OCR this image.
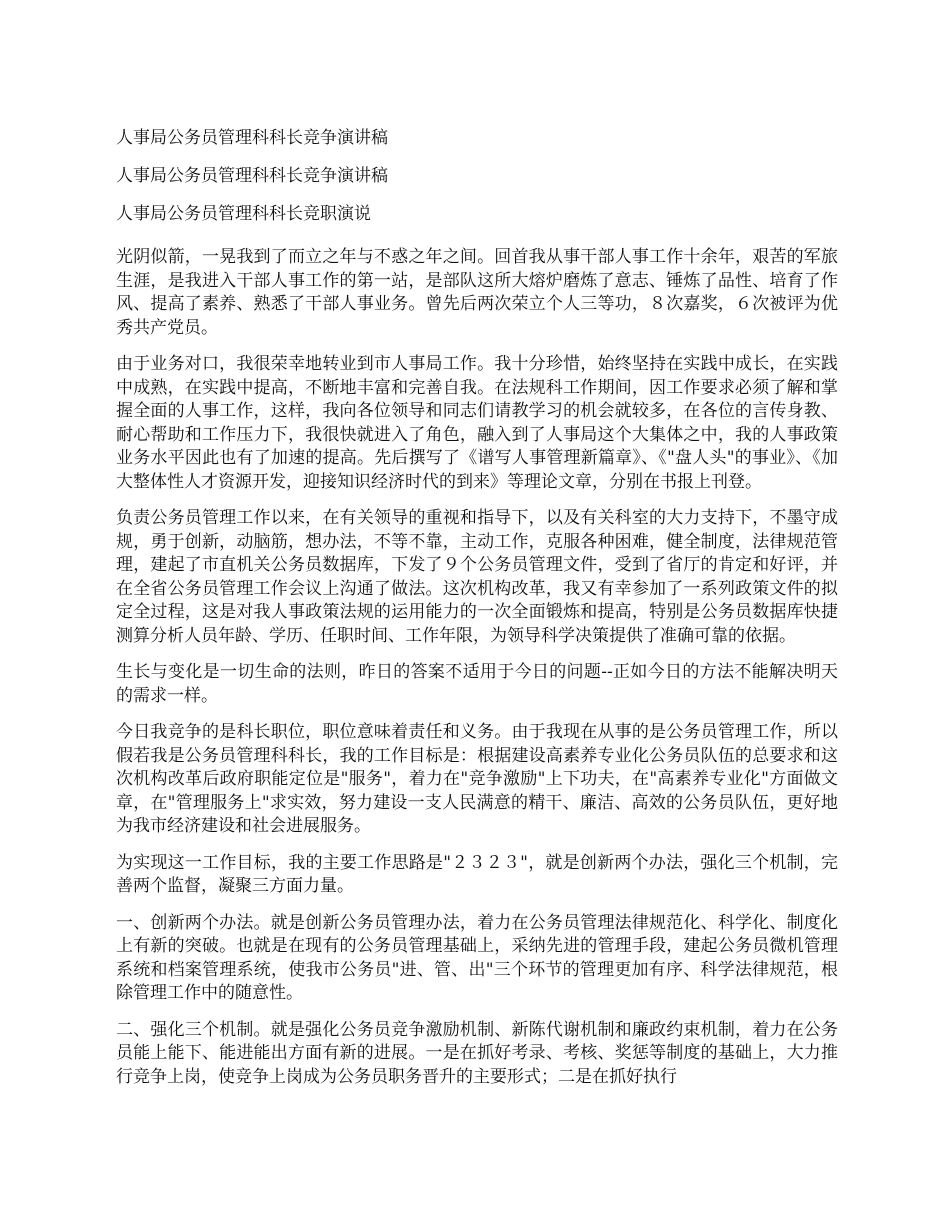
人事局公务员管理科科长竞争演讲稿
人事局公务员管理科科长竞争演讲稿
人事局公务员管理科科长竞职演说

光阴似箭，一晃我到了而立之年与不惑之年之间。回首我从事干部人事工作十余年，艰苦的军旅生涯，是我进入干部人事工作的第一站，是部队这所大熔炉磨炼了意志、锤炼了品性、培育了作风、提高了素养、熟悉了干部人事业务。曾先后两次荣立个人三等功，８次嘉奖，６次被评为优秀共产党员。

由于业务对口，我很荣幸地转业到市人事局工作。我十分珍惜，始终坚持在实践中成长，在实践中成熟，在实践中提高，不断地丰富和完善自我。在法规科工作期间，因工作要求必须了解和掌握全面的人事工作，这样，我向各位领导和同志们请教学习的机会就较多，在各位的言传身教、耐心帮助和工作压力下，我很快就进入了角色，融入到了人事局这个大集体之中，我的人事政策业务水平因此也有了加速的提高。先后撰写了《谱写人事管理新篇章》、《"盘人头"的事业》、《加大整体性人才资源开发，迎接知识经济时代的到来》等理论文章，分别在书报上刊登。

负责公务员管理工作以来，在有关领导的重视和指导下，以及有关科室的大力支持下，不墨守成规，勇于创新，动脑筋，想办法，不等不靠，主动工作，克服各种困难，健全制度，法律规范管理，建起了市直机关公务员数据库，下发了９个公务员管理文件，受到了省厅的肯定和好评，并在全省公务员管理工作会议上沟通了做法。这次机构改革，我又有幸参加了一系列政策文件的拟定全过程，这是对我人事政策法规的运用能力的一次全面锻炼和提高，特别是公务员数据库快捷测算分析人员年龄、学历、任职时间、工作年限，为领导科学决策提供了准确可靠的依据。

生长与变化是一切生命的法则，昨日的答案不适用于今日的问题--正如今日的方法不能解决明天的需求一样。

今日我竞争的是科长职位，职位意味着责任和义务。由于我现在从事的是公务员管理工作，所以假若我是公务员管理科科长，我的工作目标是：根据建设高素养专业化公务员队伍的总要求和这次机构改革后政府职能定位是"服务"，着力在"竞争激励"上下功夫，在"高素养专业化"方面做文章，在"管理服务上"求实效，努力建设一支人民满意的精干、廉洁、高效的公务员队伍，更好地为我市经济建设和社会进展服务。

为实现这一工作目标，我的主要工作思路是"２３２３"，就是创新两个办法，强化三个机制，完善两个监督，凝聚三方面力量。

一、创新两个办法。就是创新公务员管理办法，着力在公务员管理法律规范化、科学化、制度化上有新的突破。也就是在现有的公务员管理基础上，采纳先进的管理手段，建起公务员微机管理系统和档案管理系统，使我市公务员"进、管、出"三个环节的管理更加有序、科学法律规范，根除管理工作中的随意性。

二、强化三个机制。就是强化公务员竞争激励机制、新陈代谢机制和廉政约束机制，着力在公务员能上能下、能进能出方面有新的进展。一是在抓好考录、考核、奖惩等制度的基础上，大力推行竞争上岗，使竞争上岗成为公务员职务晋升的主要形式；二是在抓好执行
